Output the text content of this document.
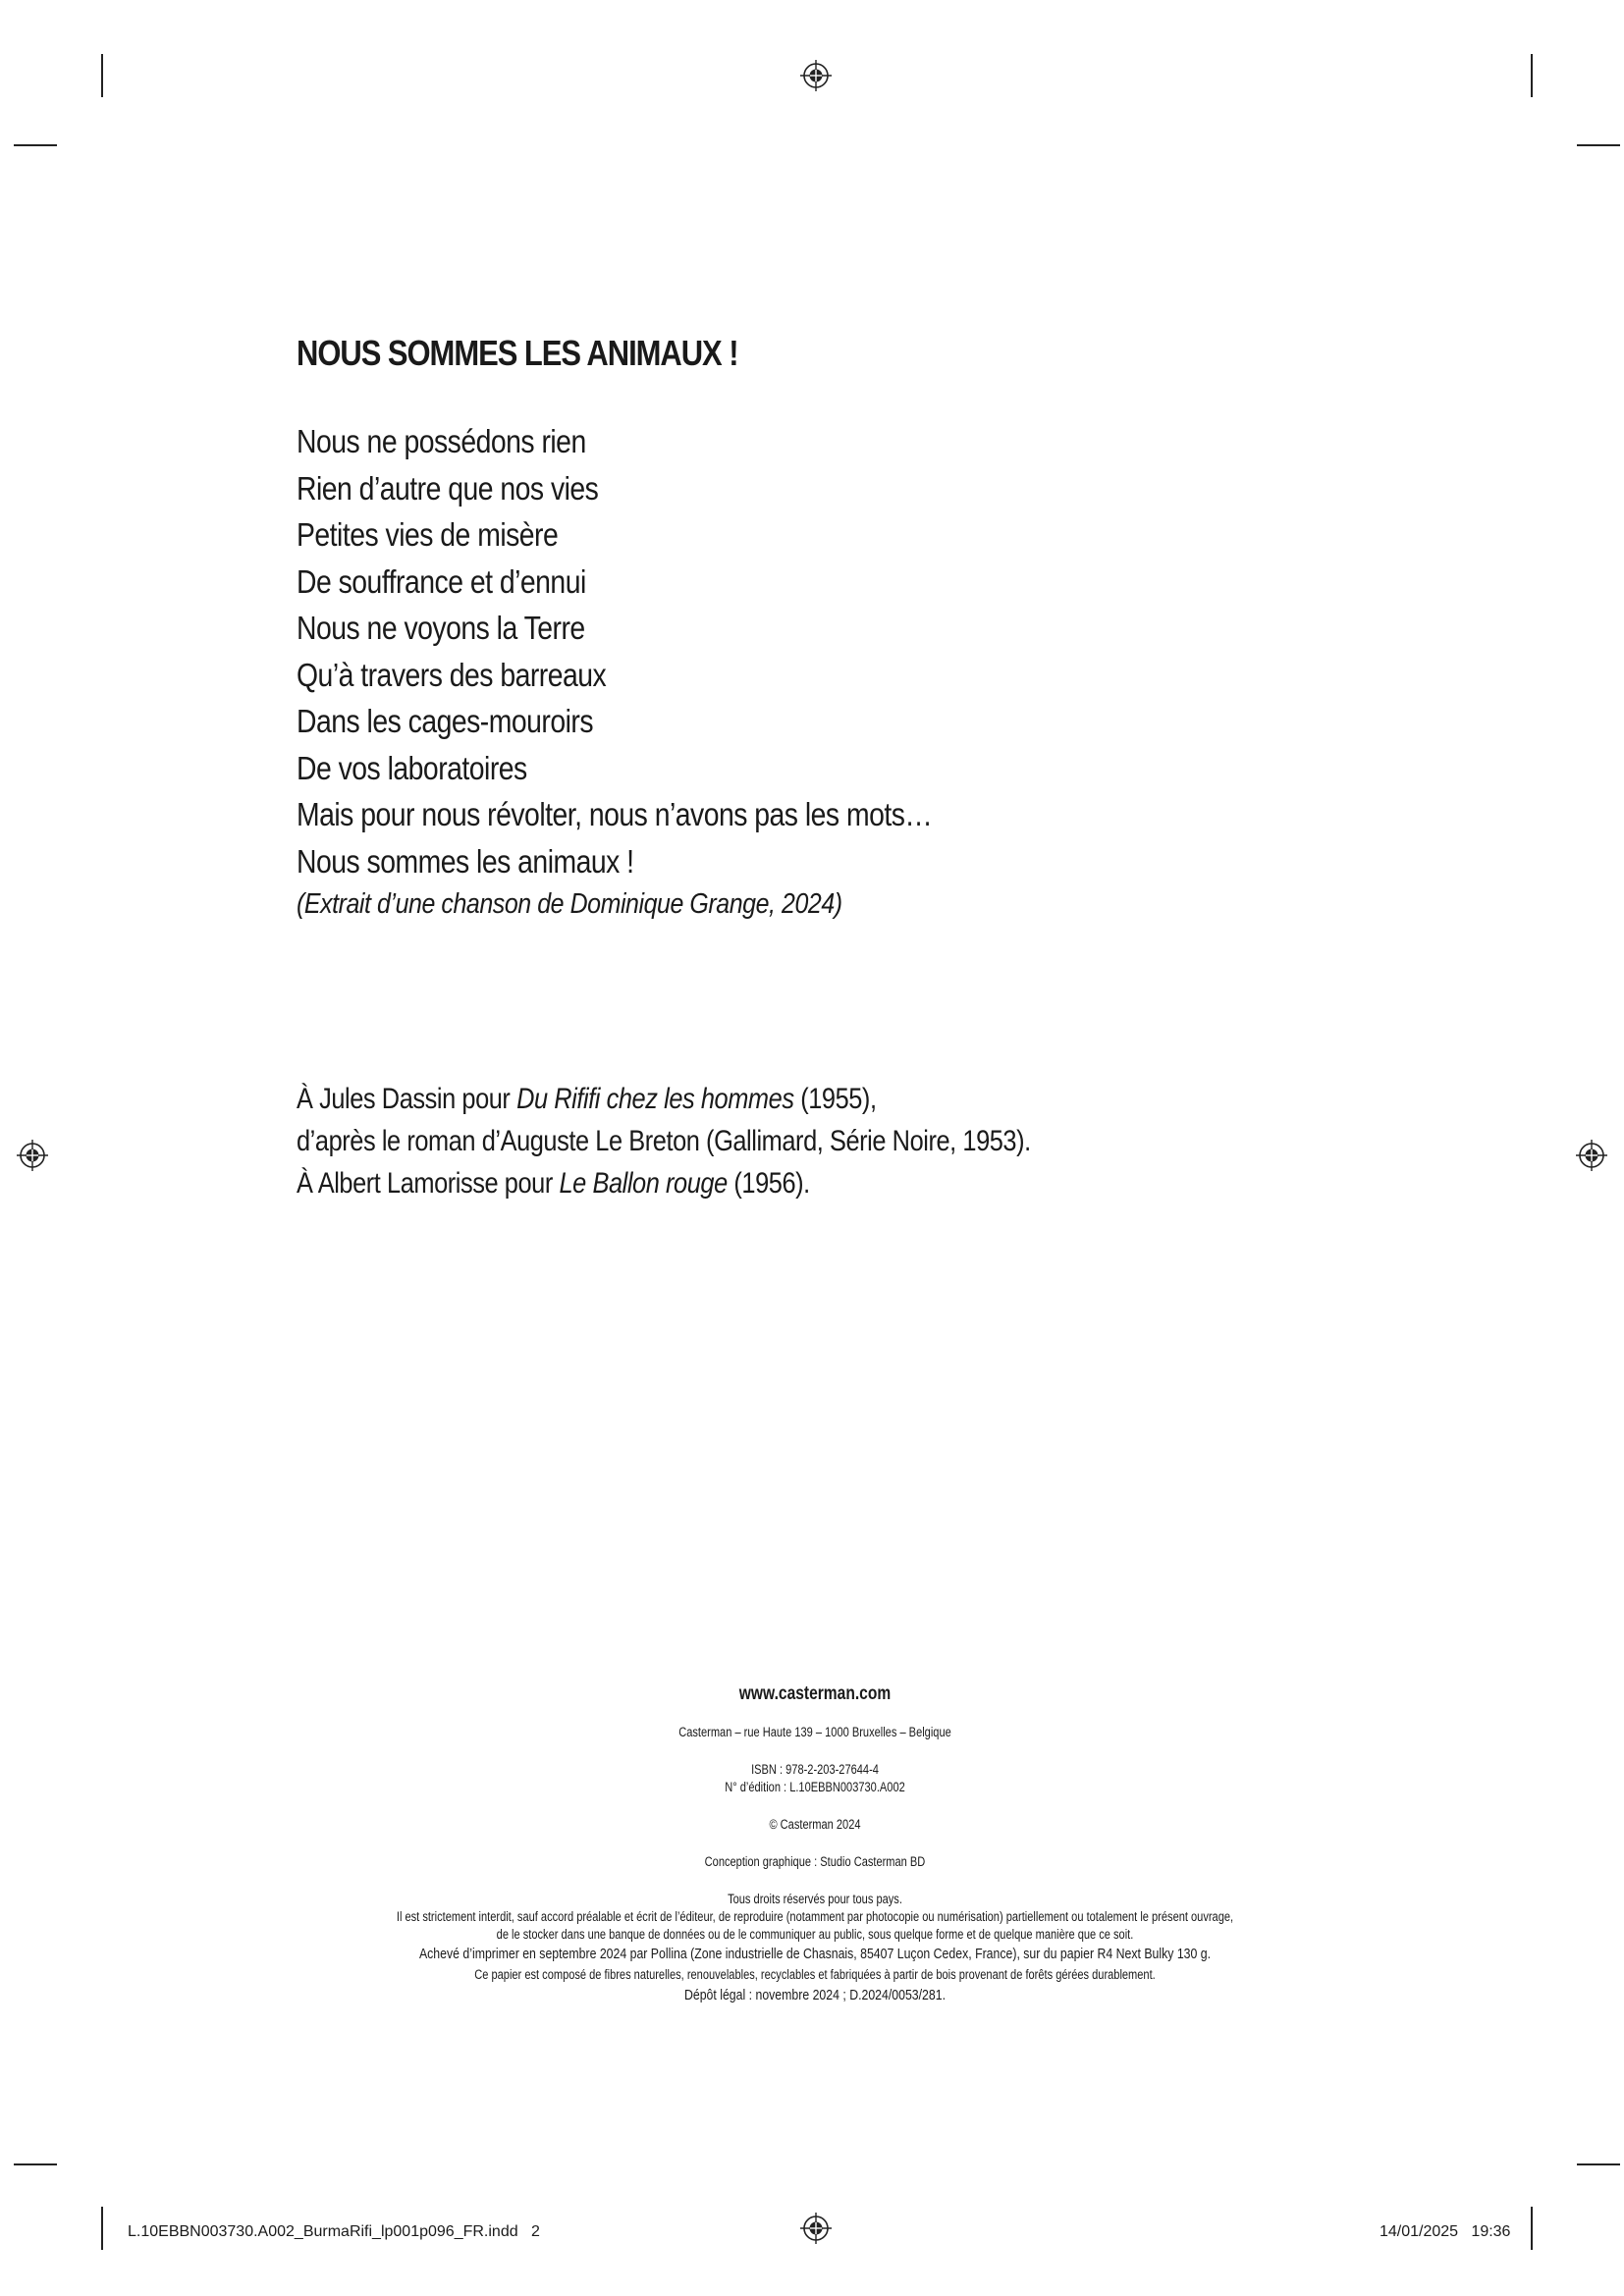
NOUS SOMMES LES ANIMAUX !
Nous ne possédons rien
Rien d’autre que nos vies
Petites vies de misère
De souffrance et d’ennui
Nous ne voyons la Terre
Qu’à travers des barreaux
Dans les cages-mouroirs
De vos laboratoires
Mais pour nous révolter, nous n’avons pas les mots…
Nous sommes les animaux !
(Extrait d’une chanson de Dominique Grange, 2024)
À Jules Dassin pour Du Rififi chez les hommes (1955),
d’après le roman d’Auguste Le Breton (Gallimard, Série Noire, 1953).
À Albert Lamorisse pour Le Ballon rouge (1956).
www.casterman.com
Casterman – rue Haute 139 – 1000 Bruxelles – Belgique
ISBN : 978-2-203-27644-4
N° d’édition : L.10EBBN003730.A002
© Casterman 2024
Conception graphique : Studio Casterman BD
Tous droits réservés pour tous pays.
Il est strictement interdit, sauf accord préalable et écrit de l’éditeur, de reproduire (notamment par photocopie ou numérisation) partiellement ou totalement le présent ouvrage,
de le stocker dans une banque de données ou de le communiquer au public, sous quelque forme et de quelque manière que ce soit.
Achevé d’imprimer en septembre 2024 par Pollina (Zone industrielle de Chasnais, 85407 Luçon Cedex, France), sur du papier R4 Next Bulky 130 g.
Ce papier est composé de fibres naturelles, renouvelables, recyclables et fabriquées à partir de bois provenant de forêts gérées durablement.
Dépôt légal : novembre 2024 ; D.2024/0053/281.
L.10EBBN003730.A002_BurmaRifi_lp001p096_FR.indd   2	14/01/2025   19:36
